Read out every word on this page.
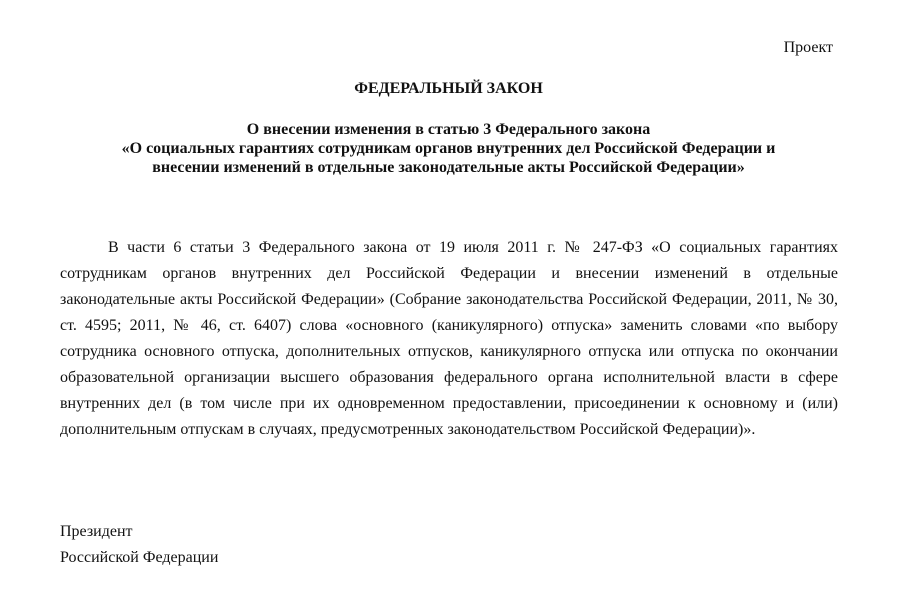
Проект
ФЕДЕРАЛЬНЫЙ ЗАКОН
О внесении изменения в статью 3 Федерального закона
«О социальных гарантиях сотрудникам органов внутренних дел Российской Федерации и
внесении изменений в отдельные законодательные акты Российской Федерации»

В части 6 статьи 3 Федерального закона от 19 июля 2011 г. № 247-ФЗ «О социальных гарантиях сотрудникам органов внутренних дел Российской Федерации и внесении изменений в отдельные законодательные акты Российской Федерации» (Собрание законодательства Российской Федерации, 2011, № 30, ст. 4595; 2011, № 46, ст. 6407) слова «основного (каникулярного) отпуска» заменить словами «по выбору сотрудника основного отпуска, дополнительных отпусков, каникулярного отпуска или отпуска по окончании образовательной организации высшего образования федерального органа исполнительной власти в сфере внутренних дел (в том числе при их одновременном предоставлении, присоединении к основному и (или) дополнительным отпускам в случаях, предусмотренных законодательством Российской Федерации)».

Президент
Российской Федерации
